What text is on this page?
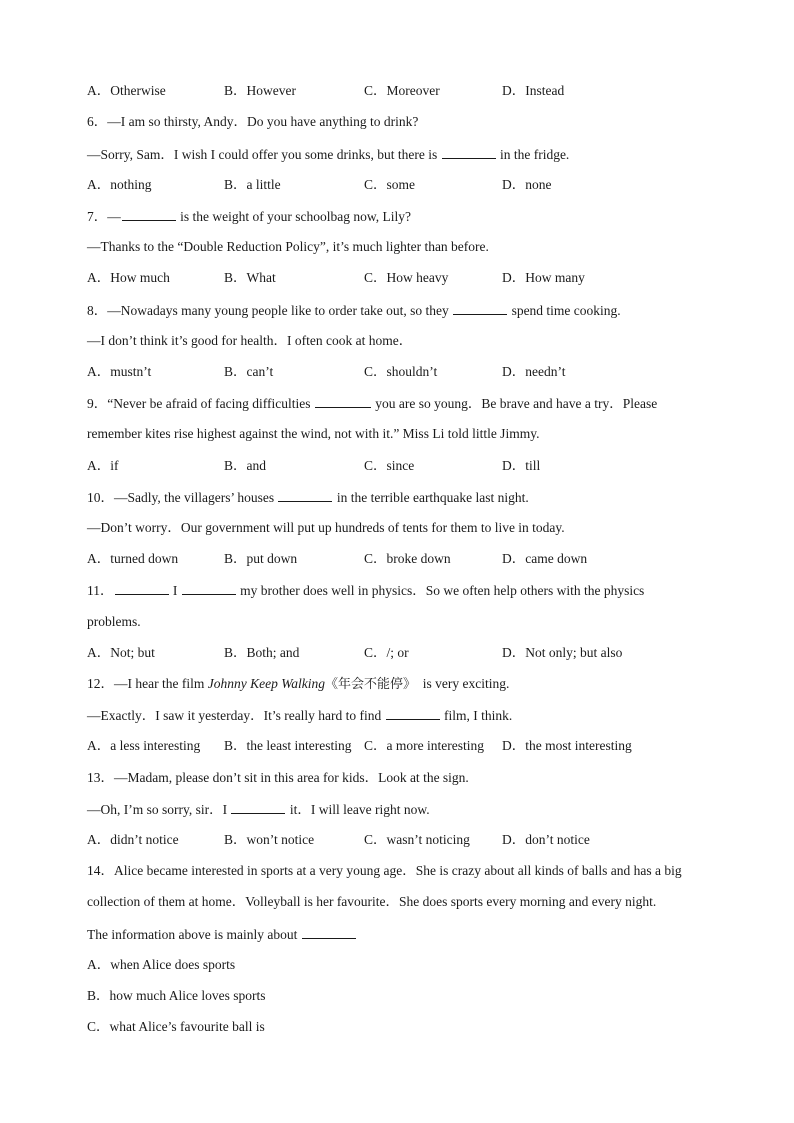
A．Otherwise	B．However	C．Moreover	D．Instead
6．—I am so thirsty, Andy．Do you have anything to drink?
—Sorry, Sam．I wish I could offer you some drinks, but there is	in the fridge.
A．nothing	B．a little	C．some	D．none
7．—	is the weight of your schoolbag now, Lily?
—Thanks to the “Double Reduction Policy”, it’s much lighter than before.
A．How much	B．What	C．How heavy	D．How many
8．—Nowadays many young people like to order take out, so they	spend time cooking.
—I don’t think it’s good for health．I often cook at home．
A．mustn’t	B．can’t	C．shouldn’t	D．needn’t
9．“Never be afraid of facing difficulties	you are so young．Be brave and have a try．Please
remember kites rise highest against the wind, not with it.” Miss Li told little Jimmy.
A．if	B．and	C．since	D．till
10．—Sadly, the villagers’ houses	in the terrible earthquake last night.
—Don’t worry．Our government will put up hundreds of tents for them to live in today.
A．turned down	B．put down	C．broke down	D．came down
11．	I	my brother does well in physics．So we often help others with the physics
problems.
A．Not; but	B．Both; and	C．/; or	D．Not only; but also
12．—I hear the film Johnny Keep Walking《年会不能停》 is very exciting.
—Exactly．I saw it yesterday．It’s really hard to find	film, I think.
A．a less interesting B．the least interesting C．a more interesting D．the most interesting
13．—Madam, please don’t sit in this area for kids．Look at the sign.
—Oh, I’m so sorry, sir．I	it．I will leave right now.
A．didn’t notice	B．won’t notice	C．wasn’t noticing D．don’t notice
14．Alice became interested in sports at a very young age．She is crazy about all kinds of balls and has a big
collection of them at home．Volleyball is her favourite．She does sports every morning and every night.
The information above is mainly about
A．when Alice does sports
B．how much Alice loves sports
C．what Alice’s favourite ball is
